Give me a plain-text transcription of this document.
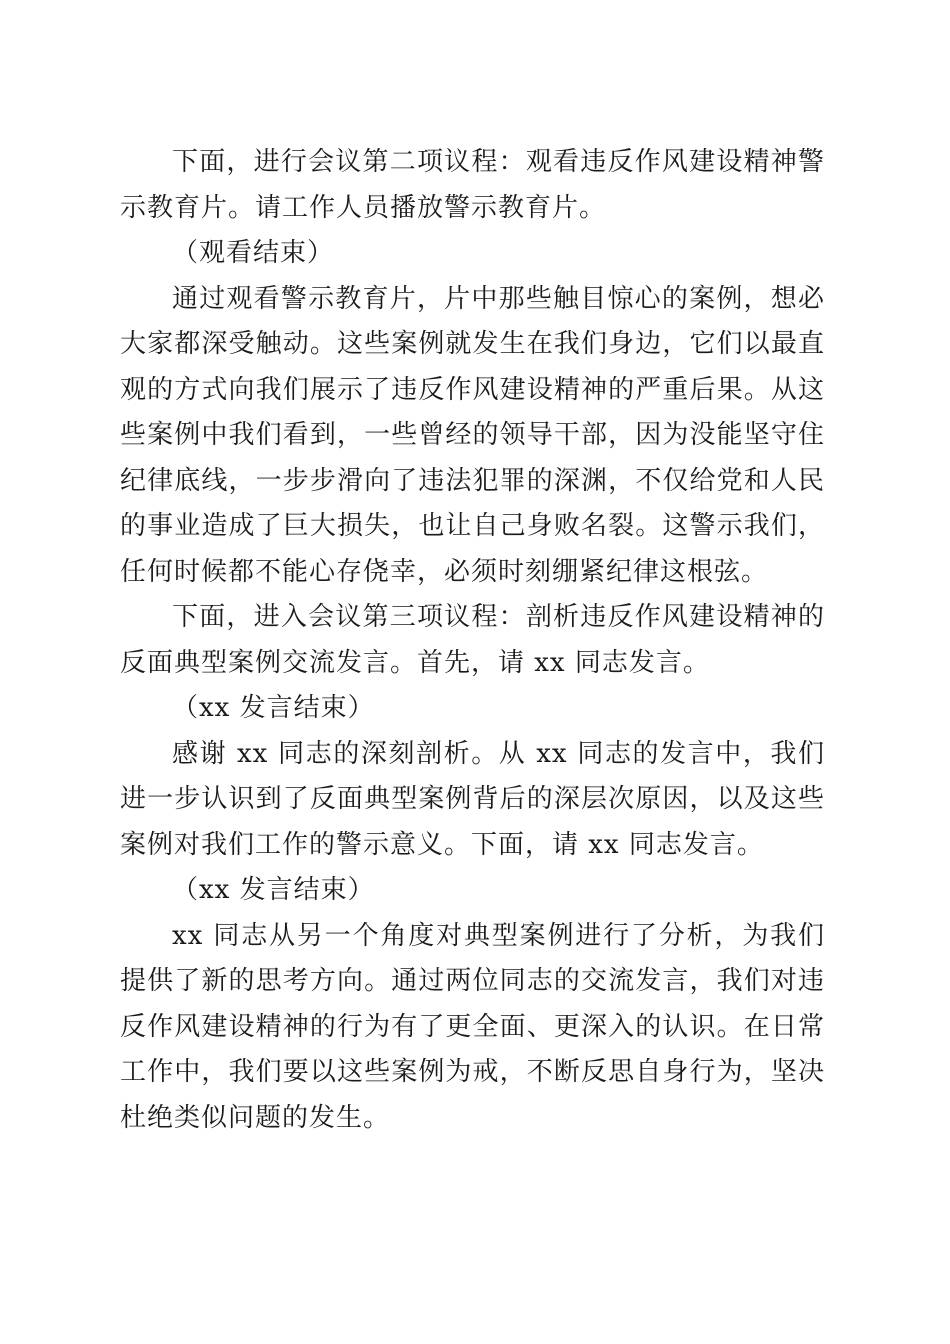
下面，进行会议第二项议程：观看违反作风建设精神警示教育片。请工作人员播放警示教育片。

（观看结束）

通过观看警示教育片，片中那些触目惊心的案例，想必大家都深受触动。这些案例就发生在我们身边，它们以最直观的方式向我们展示了违反作风建设精神的严重后果。从这些案例中我们看到，一些曾经的领导干部，因为没能坚守住纪律底线，一步步滑向了违法犯罪的深渊，不仅给党和人民的事业造成了巨大损失，也让自己身败名裂。这警示我们，任何时候都不能心存侥幸，必须时刻绷紧纪律这根弦。

下面，进入会议第三项议程：剖析违反作风建设精神的反面典型案例交流发言。首先，请 xx 同志发言。

（xx 发言结束）

感谢 xx 同志的深刻剖析。从 xx 同志的发言中，我们进一步认识到了反面典型案例背后的深层次原因，以及这些案例对我们工作的警示意义。下面，请 xx 同志发言。

（xx 发言结束）

xx 同志从另一个角度对典型案例进行了分析，为我们提供了新的思考方向。通过两位同志的交流发言，我们对违反作风建设精神的行为有了更全面、更深入的认识。在日常工作中，我们要以这些案例为戒，不断反思自身行为，坚决杜绝类似问题的发生。
